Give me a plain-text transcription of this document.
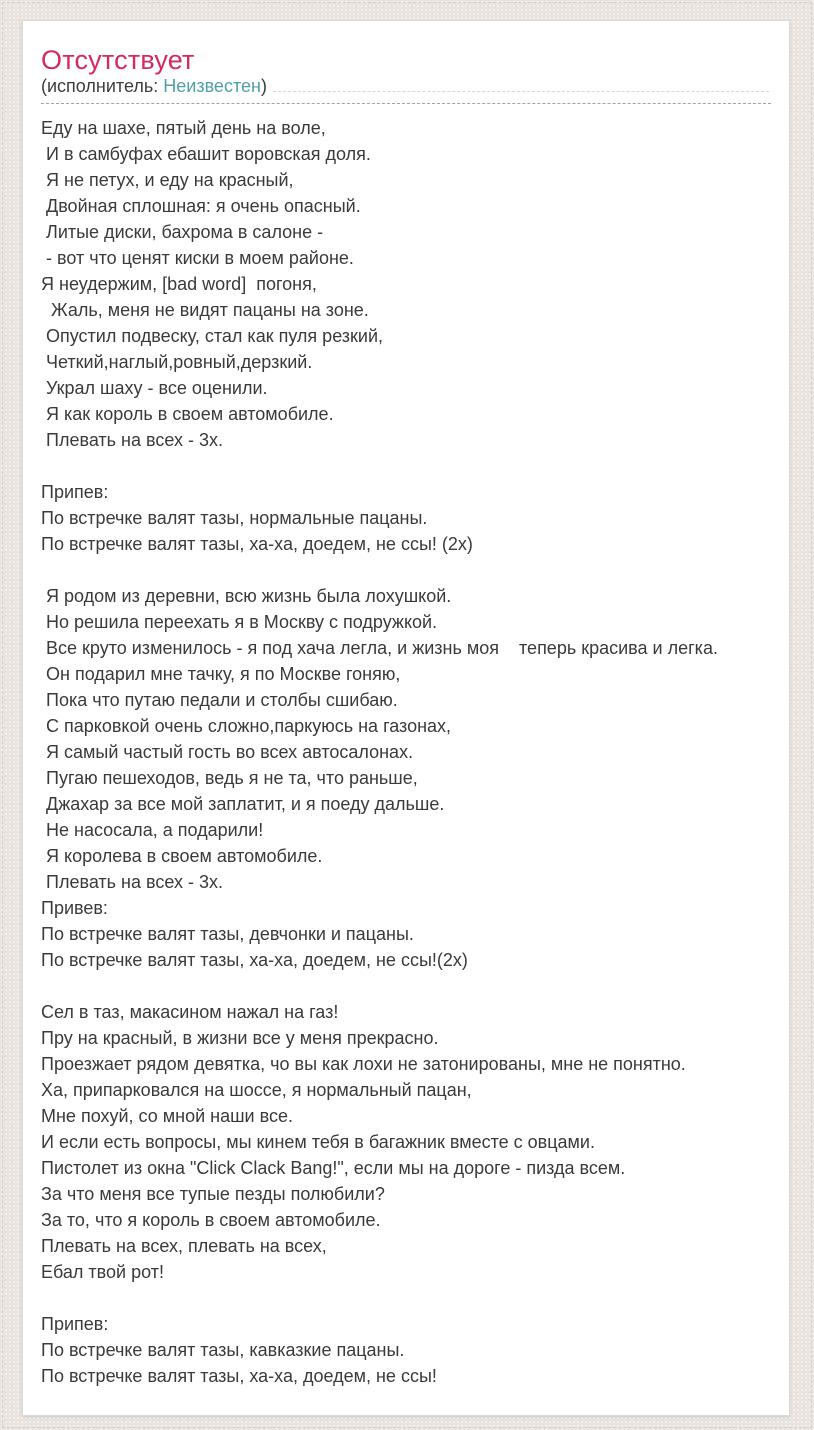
Отсутствует
(исполнитель: Неизвестен)
Еду на шахе, пятый день на воле,
И в самбуфах ебашит воровская доля.
Я не петух, и еду на красный,
Двойная сплошная: я очень опасный.
Литые диски, бахрома в салоне -
- вот что ценят киски в моем районе.
Я неудержим, [bad word]  погоня,
Жаль, меня не видят пацаны на зоне.
Опустил подвеску, стал как пуля резкий,
Четкий,наглый,ровный,дерзкий.
Украл шаху - все оценили.
Я как король в своем автомобиле.
Плевать на всех - 3х.

Припев:
По встречке валят тазы, нормальные пацаны.
По встречке валят тазы, ха-ха, доедем, не ссы! (2х)

Я родом из деревни, всю жизнь была лохушкой.
Но решила переехать я в Москву с подружкой.
Все круто изменилось - я под хача легла, и жизнь моя    теперь красива и легка.
Он подарил мне тачку, я по Москве гоняю,
Пока что путаю педали и столбы сшибаю.
С парковкой очень сложно,паркуюсь на газонах,
Я самый частый гость во всех автосалонах.
Пугаю пешеходов, ведь я не та, что раньше,
Джахар за все мой заплатит, и я поеду дальше.
Не насосала, а подарили!
Я королева в своем автомобиле.
Плевать на всех - 3х.
Привев:
По встречке валят тазы, девчонки и пацаны.
По встречке валят тазы, ха-ха, доедем, не ссы!(2х)

Сел в таз, макасином нажал на газ!
Пру на красный, в жизни все у меня прекрасно.
Проезжает рядом девятка, чо вы как лохи не затонированы, мне не понятно.
Ха, припарковался на шоссе, я нормальный пацан,
Мне похуй, со мной наши все.
И если есть вопросы, мы кинем тебя в багажник вместе с овцами.
Пистолет из окна "Click Clack Bang!", если мы на дороге - пизда всем.
За что меня все тупые пезды полюбили?
За то, что я король в своем автомобиле.
Плевать на всех, плевать на всех,
Ебал твой рот!

Припев:
По встречке валят тазы, кавказкие пацаны.
По встречке валят тазы, ха-ха, доедем, не ссы!
